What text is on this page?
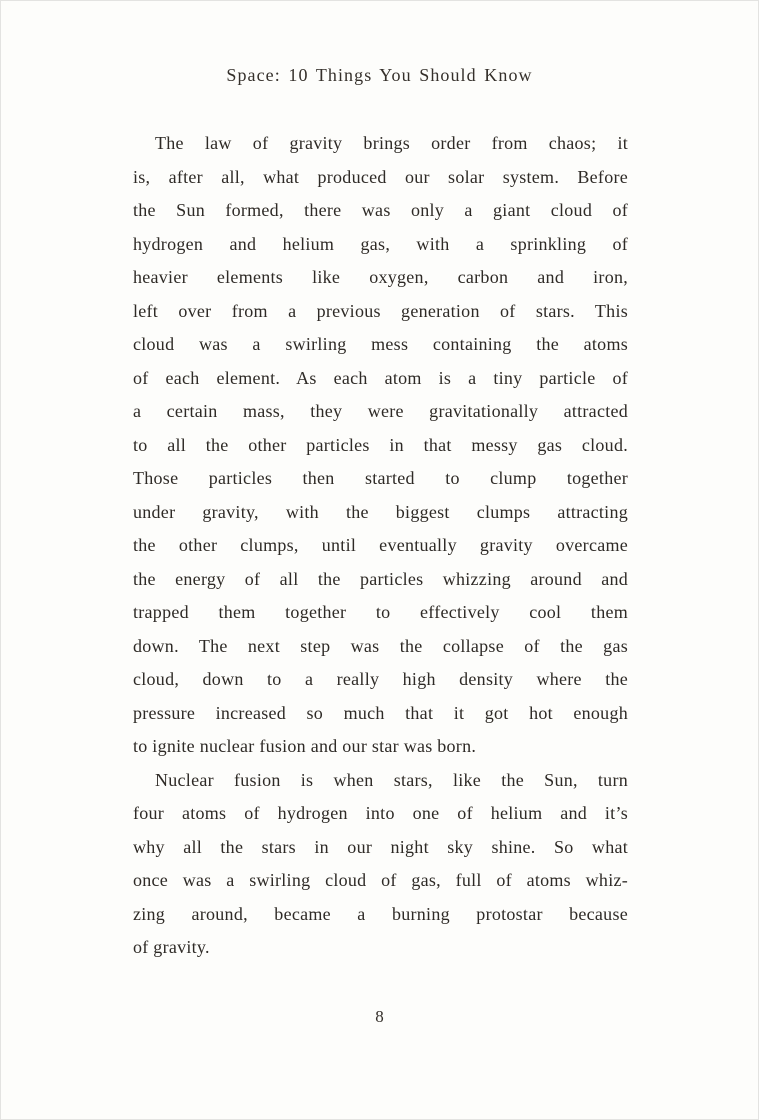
Space: 10 Things You Should Know
The law of gravity brings order from chaos; it
is, after all, what produced our solar system. Before
the Sun formed, there was only a giant cloud of
hydrogen and helium gas, with a sprinkling of
heavier elements like oxygen, carbon and iron,
left over from a previous generation of stars. This
cloud was a swirling mess containing the atoms
of each element. As each atom is a tiny particle of
a certain mass, they were gravitationally attracted
to all the other particles in that messy gas cloud.
Those particles then started to clump together
under gravity, with the biggest clumps attracting
the other clumps, until eventually gravity overcame
the energy of all the particles whizzing around and
trapped them together to effectively cool them
down. The next step was the collapse of the gas
cloud, down to a really high density where the
pressure increased so much that it got hot enough
to ignite nuclear fusion and our star was born.
Nuclear fusion is when stars, like the Sun, turn
four atoms of hydrogen into one of helium and it’s
why all the stars in our night sky shine. So what
once was a swirling cloud of gas, full of atoms whiz-
zing around, became a burning protostar because
of gravity.
8
